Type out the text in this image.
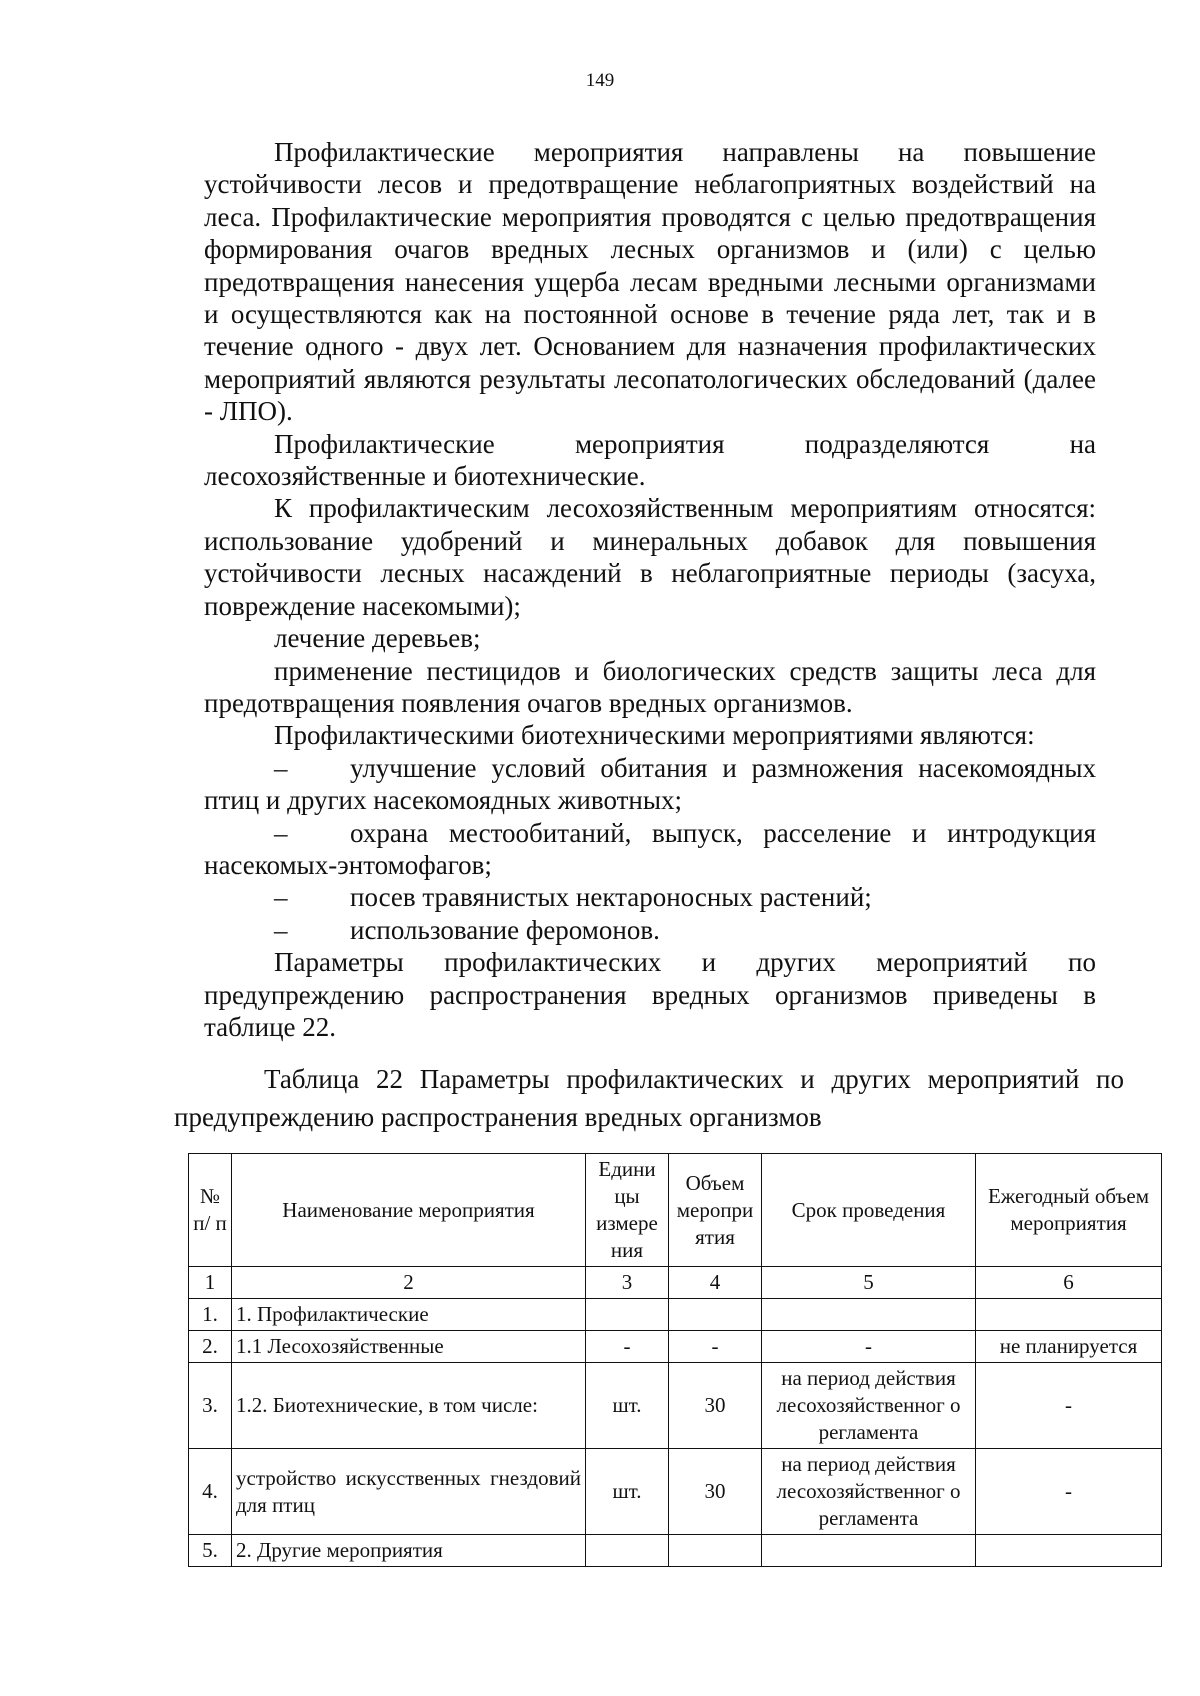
149

Профилактические мероприятия направлены на повышение устойчивости лесов и предотвращение неблагоприятных воздействий на леса. Профилактические мероприятия проводятся с целью предотвращения формирования очагов вредных лесных организмов и (или) с целью предотвращения нанесения ущерба лесам вредными лесными организмами и осуществляются как на постоянной основе в течение ряда лет, так и в течение одного - двух лет. Основанием для назначения профилактических мероприятий являются результаты лесопатологических обследований (далее - ЛПО).

Профилактические мероприятия подразделяются на лесохозяйственные и биотехнические.

К профилактическим лесохозяйственным мероприятиям относятся: использование удобрений и минеральных добавок для повышения устойчивости лесных насаждений в неблагоприятные периоды (засуха, повреждение насекомыми);

лечение деревьев;

применение пестицидов и биологических средств защиты леса для предотвращения появления очагов вредных организмов.

Профилактическими биотехническими мероприятиями являются:

– улучшение условий обитания и размножения насекомоядных птиц и других насекомоядных животных;

– охрана местообитаний, выпуск, расселение и интродукция насекомых-энтомофагов;

– посев травянистых нектароносных растений;

– использование феромонов.

Параметры профилактических и других мероприятий по предупреждению распространения вредных организмов приведены в таблице 22.

Таблица 22 Параметры профилактических и других мероприятий по
предупреждению распространения вредных организмов
№ п/ п	Наименование мероприятия	Едини цы измере ния	Объем меропри ятия	Срок проведения	Ежегодный объем мероприятия
1	2	3	4	5	6
1.	1. Профилактические				
2.	1.1 Лесохозяйственные	-	-	-	не планируется
3.	1.2. Биотехнические, в том числе:	шт.	30	на период действия лесохозяйственног о регламента	-
4.	устройство искусственных гнездовий для птиц	шт.	30	на период действия лесохозяйственног о регламента	-
5.	2. Другие мероприятия				
